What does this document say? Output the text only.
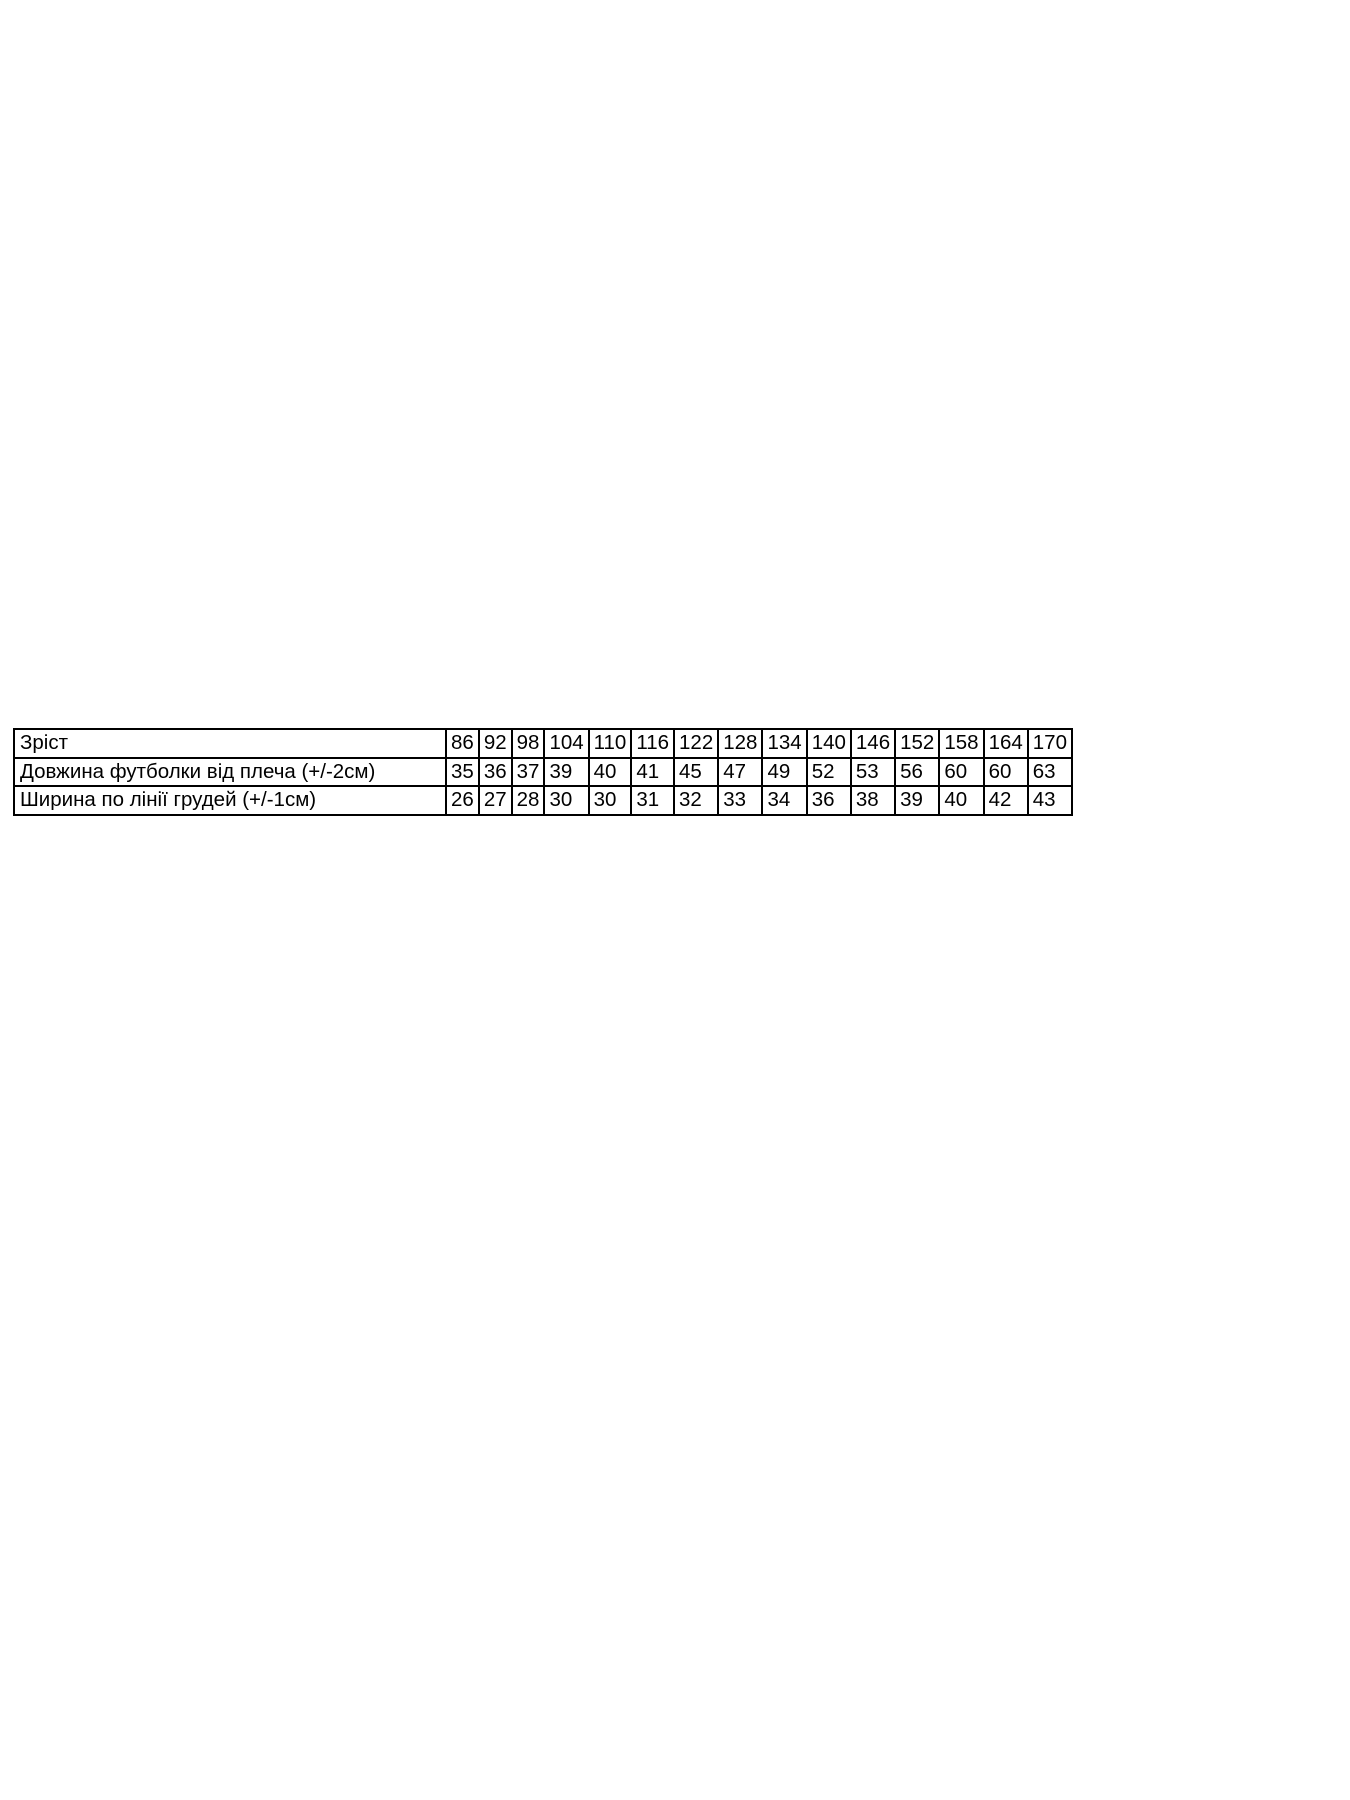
Зріст	86	92	98	104	110	116	122	128	134	140	146	152	158	164	170
Довжина футболки від плеча (+/-2см)	35	36	37	39	40	41	45	47	49	52	53	56	60	60	63
Ширина по лінії грудей (+/-1см)	26	27	28	30	30	31	32	33	34	36	38	39	40	42	43
